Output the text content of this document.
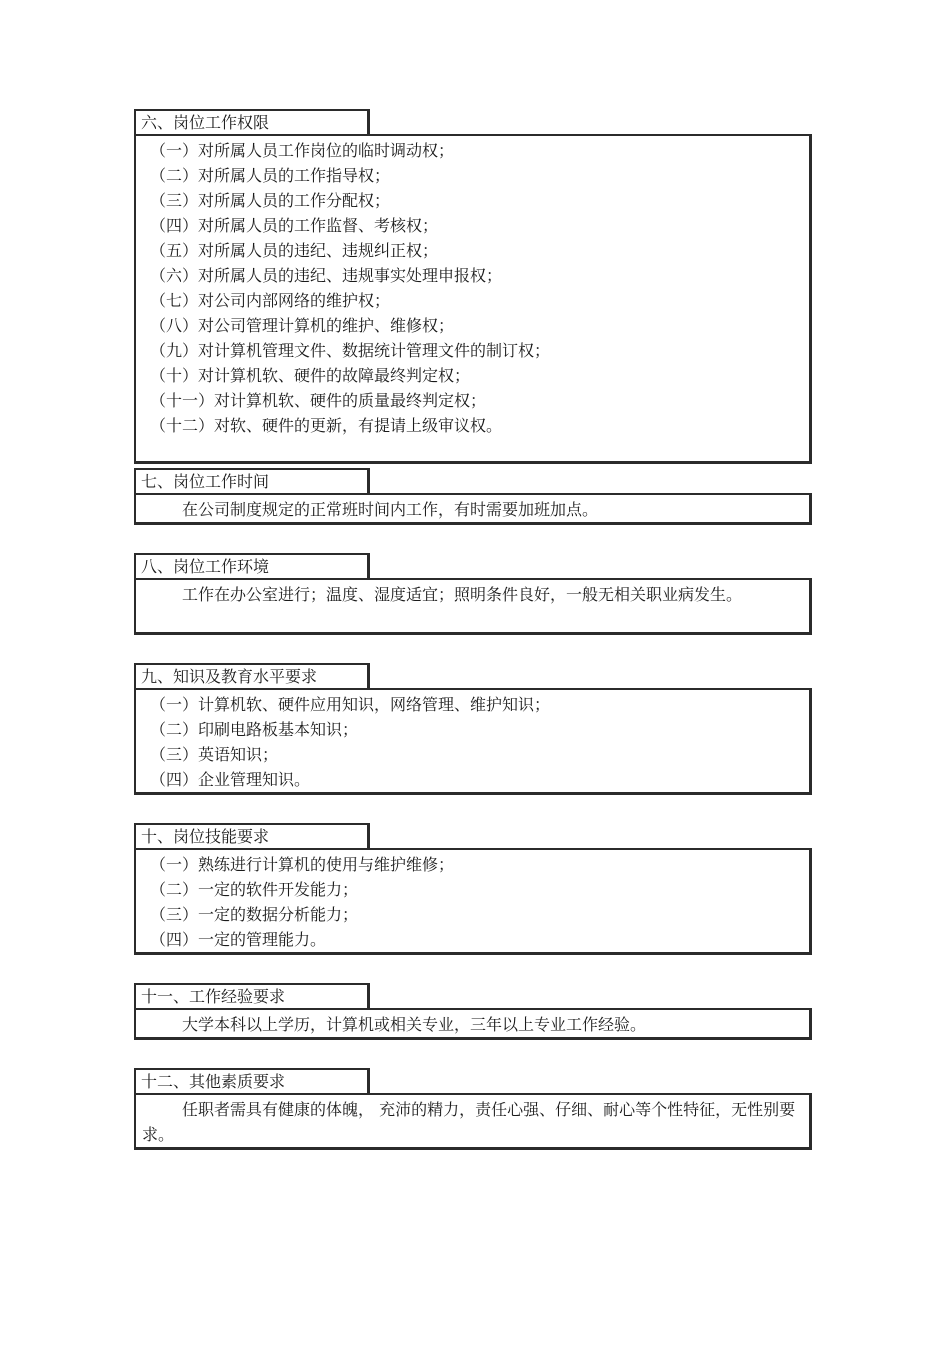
六、岗位工作权限
（一）对所属人员工作岗位的临时调动权；
（二）对所属人员的工作指导权；
（三）对所属人员的工作分配权；
（四）对所属人员的工作监督、考核权；
（五）对所属人员的违纪、违规纠正权；
（六）对所属人员的违纪、违规事实处理申报权；
（七）对公司内部网络的维护权；
（八）对公司管理计算机的维护、维修权；
（九）对计算机管理文件、数据统计管理文件的制订权；
（十）对计算机软、硬件的故障最终判定权；
（十一）对计算机软、硬件的质量最终判定权；
（十二）对软、硬件的更新，有提请上级审议权。
七、岗位工作时间
在公司制度规定的正常班时间内工作，有时需要加班加点。
八、岗位工作环境
工作在办公室进行；温度、湿度适宜；照明条件良好，一般无相关职业病发生。
九、知识及教育水平要求
（一）计算机软、硬件应用知识，网络管理、维护知识；
（二）印刷电路板基本知识；
（三）英语知识；
（四）企业管理知识。
十、岗位技能要求
（一）熟练进行计算机的使用与维护维修；
（二）一定的软件开发能力；
（三）一定的数据分析能力；
（四）一定的管理能力。
十一、工作经验要求
大学本科以上学历，计算机或相关专业，三年以上专业工作经验。
十二、其他素质要求
任职者需具有健康的体魄， 充沛的精力，责任心强、仔细、耐心等个性特征，无性别要求。
